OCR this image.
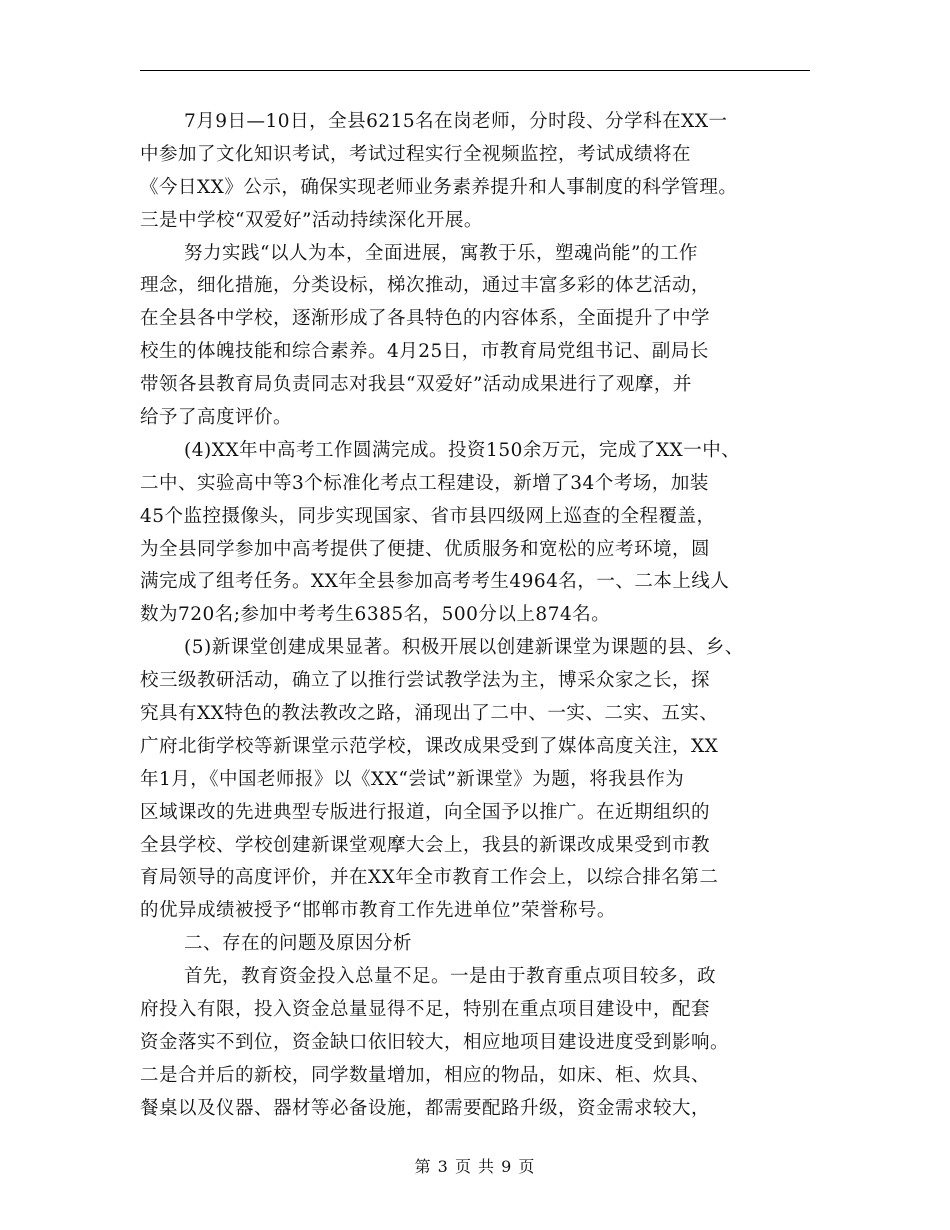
7月9日—10日，全县6215名在岗老师，分时段、分学科在XX一
中参加了文化知识考试，考试过程实行全视频监控，考试成绩将在
《今日XX》公示，确保实现老师业务素养提升和人事制度的科学管理。
三是中学校“双爱好”活动持续深化开展。
努力实践“以人为本，全面进展，寓教于乐，塑魂尚能”的工作
理念，细化措施，分类设标，梯次推动，通过丰富多彩的体艺活动，
在全县各中学校，逐渐形成了各具特色的内容体系，全面提升了中学
校生的体魄技能和综合素养。4月25日，市教育局党组书记、副局长
带领各县教育局负责同志对我县“双爱好”活动成果进行了观摩，并
给予了高度评价。
(4)XX年中高考工作圆满完成。投资150余万元，完成了XX一中、
二中、实验高中等3个标准化考点工程建设，新增了34个考场，加装
45个监控摄像头，同步实现国家、省市县四级网上巡查的全程覆盖，
为全县同学参加中高考提供了便捷、优质服务和宽松的应考环境，圆
满完成了组考任务。XX年全县参加高考考生4964名，一、二本上线人
数为720名;参加中考考生6385名，500分以上874名。
(5)新课堂创建成果显著。积极开展以创建新课堂为课题的县、乡、
校三级教研活动，确立了以推行尝试教学法为主，博采众家之长，探
究具有XX特色的教法教改之路，涌现出了二中、一实、二实、五实、
广府北街学校等新课堂示范学校，课改成果受到了媒体高度关注，XX
年1月，《中国老师报》以《XX“尝试”新课堂》为题，将我县作为
区域课改的先进典型专版进行报道，向全国予以推广。在近期组织的
全县学校、学校创建新课堂观摩大会上，我县的新课改成果受到市教
育局领导的高度评价，并在XX年全市教育工作会上，以综合排名第二
的优异成绩被授予“邯郸市教育工作先进单位”荣誉称号。
二、存在的问题及原因分析
首先，教育资金投入总量不足。一是由于教育重点项目较多，政
府投入有限，投入资金总量显得不足，特别在重点项目建设中，配套
资金落实不到位，资金缺口依旧较大，相应地项目建设进度受到影响。
二是合并后的新校，同学数量增加，相应的物品，如床、柜、炊具、
餐桌以及仪器、器材等必备设施，都需要配路升级，资金需求较大，
第 3 页 共 9 页
